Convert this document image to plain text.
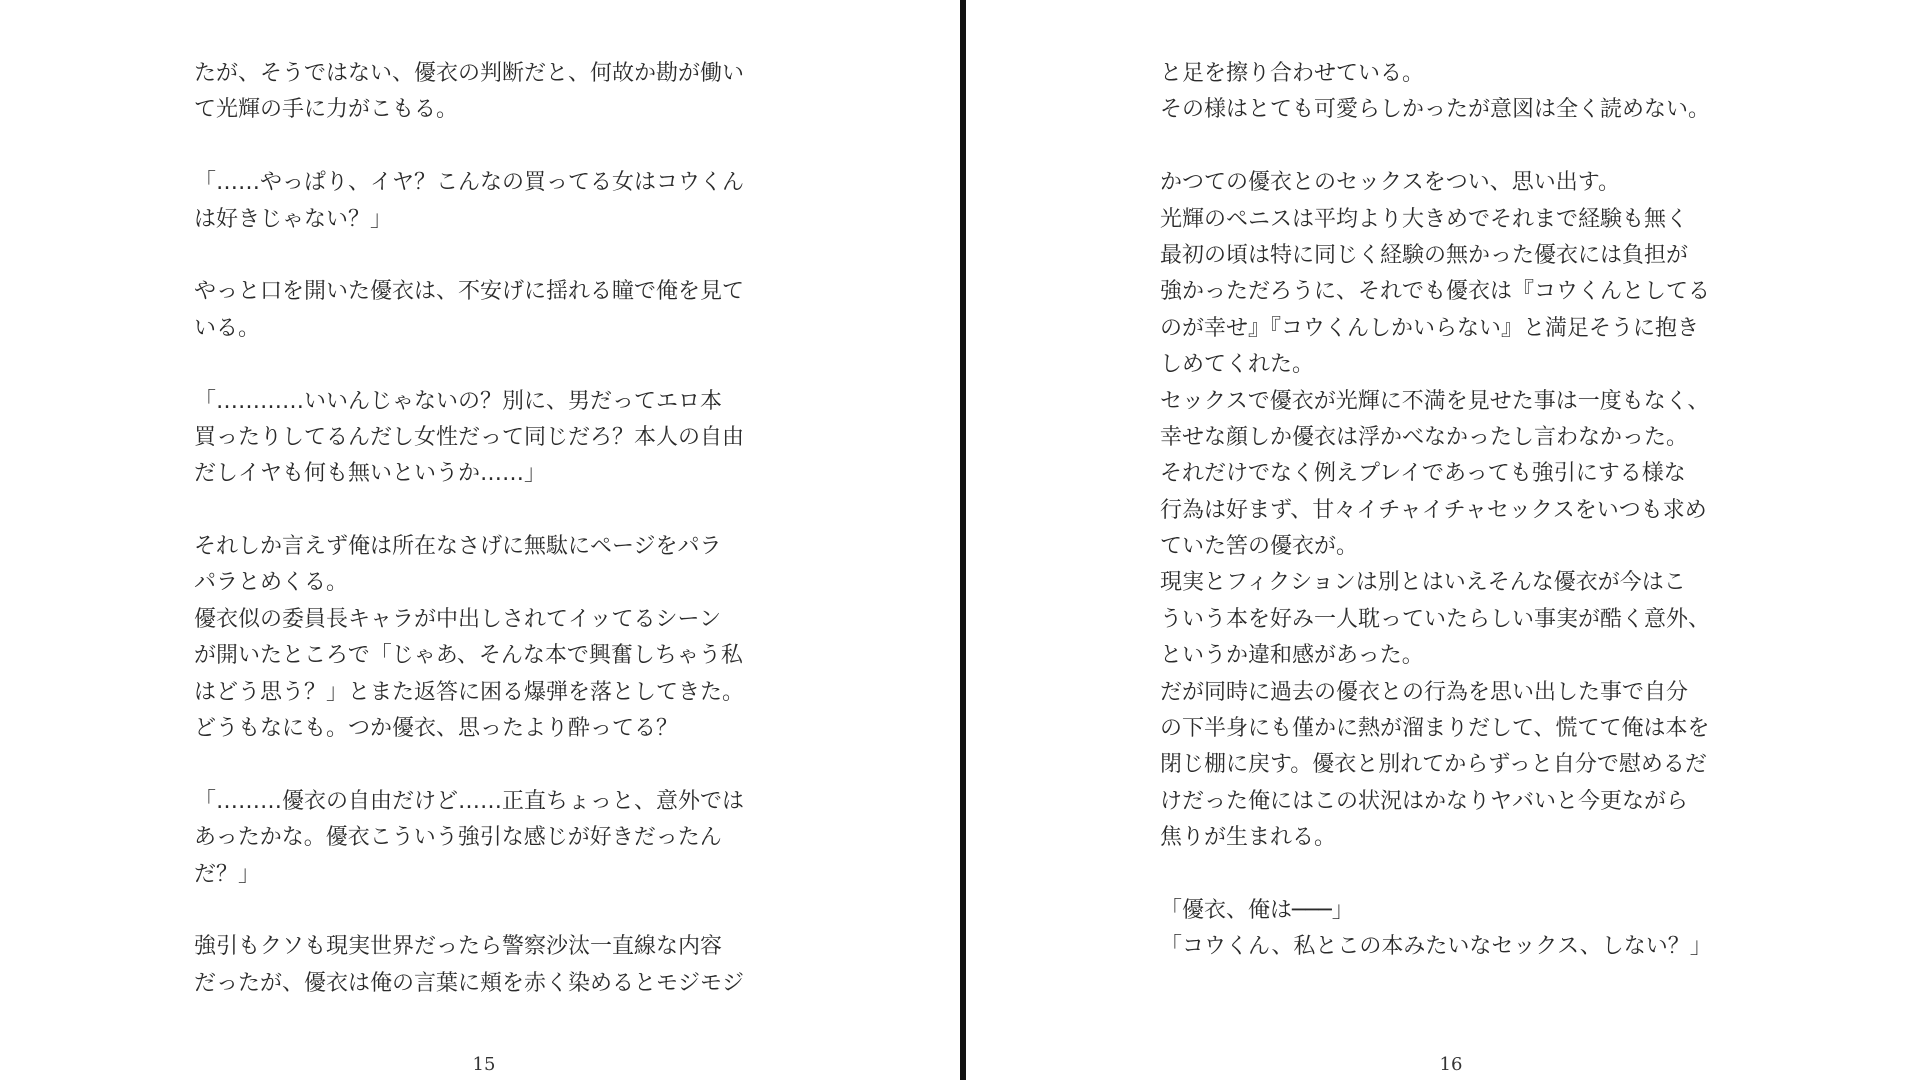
たが、そうではない、優衣の判断だと、何故か勘が働い
て光輝の手に力がこもる。
「……やっぱり、イヤ？こんなの買ってる女はコウくん
は好きじゃない？」
やっと口を開いた優衣は、不安げに揺れる瞳で俺を見て
いる。
「…………いいんじゃないの？別に、男だってエロ本
買ったりしてるんだし女性だって同じだろ？本人の自由
だしイヤも何も無いというか……」
それしか言えず俺は所在なさげに無駄にページをパラ
パラとめくる。
優衣似の委員長キャラが中出しされてイッてるシーン
が開いたところで「じゃあ、そんな本で興奮しちゃう私
はどう思う？」とまた返答に困る爆弾を落としてきた。
どうもなにも。つか優衣、思ったより酔ってる？
「………優衣の自由だけど……正直ちょっと、意外では
あったかな。優衣こういう強引な感じが好きだったん
だ？」
強引もクソも現実世界だったら警察沙汰一直線な内容
だったが、優衣は俺の言葉に頬を赤く染めるとモジモジ
15
と足を擦り合わせている。
その様はとても可愛らしかったが意図は全く読めない。
かつての優衣とのセックスをつい、思い出す。
光輝のペニスは平均より大きめでそれまで経験も無く
最初の頃は特に同じく経験の無かった優衣には負担が
強かっただろうに、それでも優衣は『コウくんとしてる
のが幸せ』『コウくんしかいらない』と満足そうに抱き
しめてくれた。
セックスで優衣が光輝に不満を見せた事は一度もなく、
幸せな顔しか優衣は浮かべなかったし言わなかった。
それだけでなく例えプレイであっても強引にする様な
行為は好まず、甘々イチャイチャセックスをいつも求め
ていた筈の優衣が。
現実とフィクションは別とはいえそんな優衣が今はこ
ういう本を好み一人耽っていたらしい事実が酷く意外、
というか違和感があった。
だが同時に過去の優衣との行為を思い出した事で自分
の下半身にも僅かに熱が溜まりだして、慌てて俺は本を
閉じ棚に戻す。優衣と別れてからずっと自分で慰めるだ
けだった俺にはこの状況はかなりヤバいと今更ながら
焦りが生まれる。
「優衣、俺は───」
「コウくん、私とこの本みたいなセックス、しない？」
16
